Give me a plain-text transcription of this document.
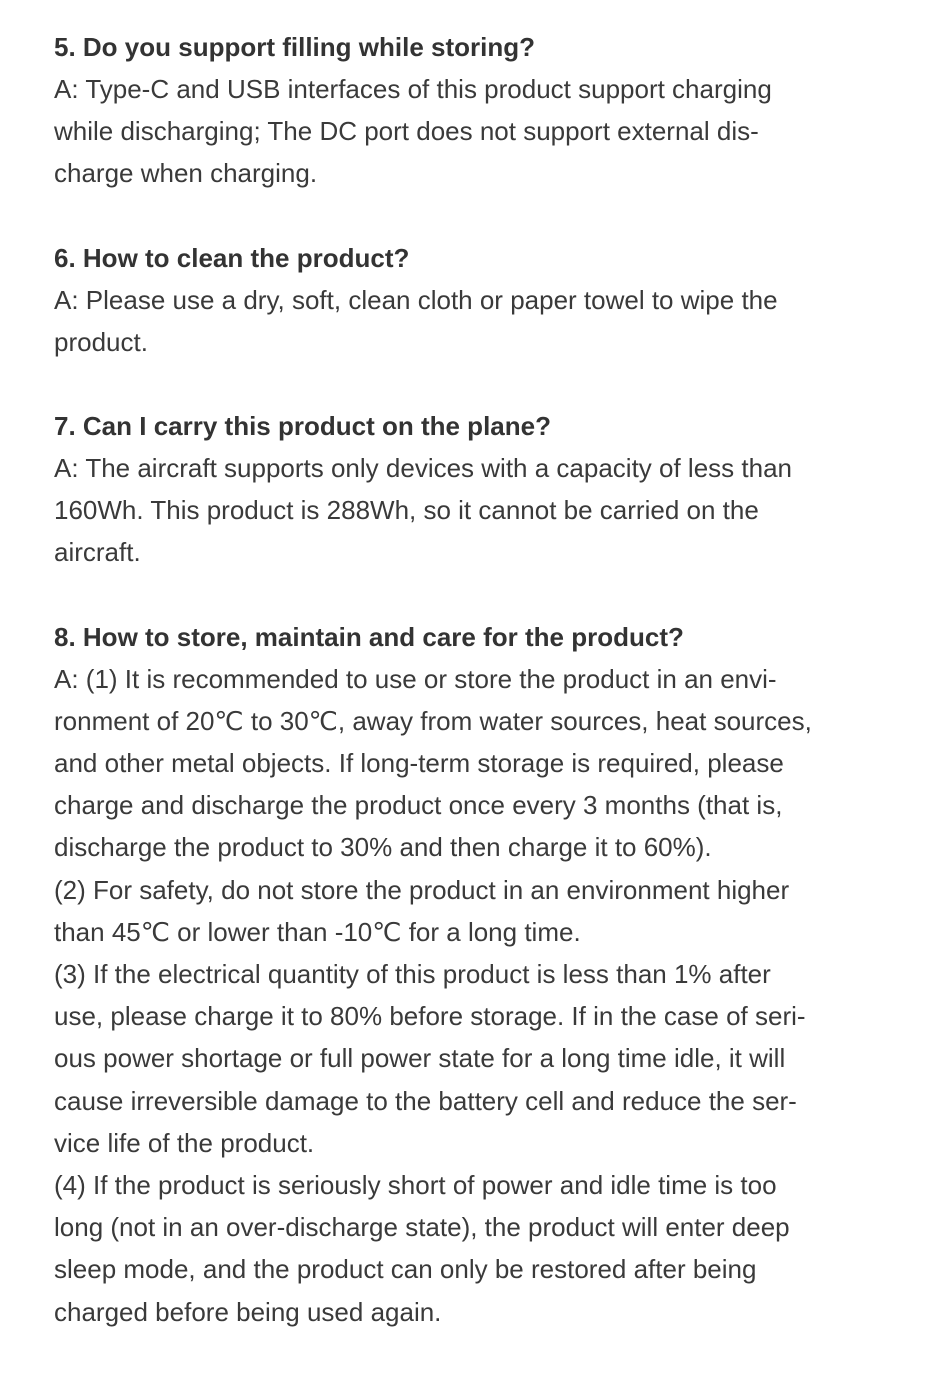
5. Do you support filling while storing?
A: Type-C and USB interfaces of this product support charging
while discharging; The DC port does not support external dis-
charge when charging.
6. How to clean the product?
A: Please use a dry, soft, clean cloth or paper towel to wipe the
product.
7. Can I carry this product on the plane?
A: The aircraft supports only devices with a capacity of less than
160Wh. This product is 288Wh, so it cannot be carried on the
aircraft.
8. How to store, maintain and care for the product?
A: (1) It is recommended to use or store the product in an envi-
ronment of 20℃ to 30℃, away from water sources, heat sources,
and other metal objects. If long-term storage is required, please
charge and discharge the product once every 3 months (that is,
discharge the product to 30% and then charge it to 60%).
(2) For safety, do not store the product in an environment higher
than 45℃ or lower than -10℃ for a long time.
(3) If the electrical quantity of this product is less than 1% after
use, please charge it to 80% before storage. If in the case of seri-
ous power shortage or full power state for a long time idle, it will
cause irreversible damage to the battery cell and reduce the ser-
vice life of the product.
(4) If the product is seriously short of power and idle time is too
long (not in an over-discharge state), the product will enter deep
sleep mode, and the product can only be restored after being
charged before being used again.
